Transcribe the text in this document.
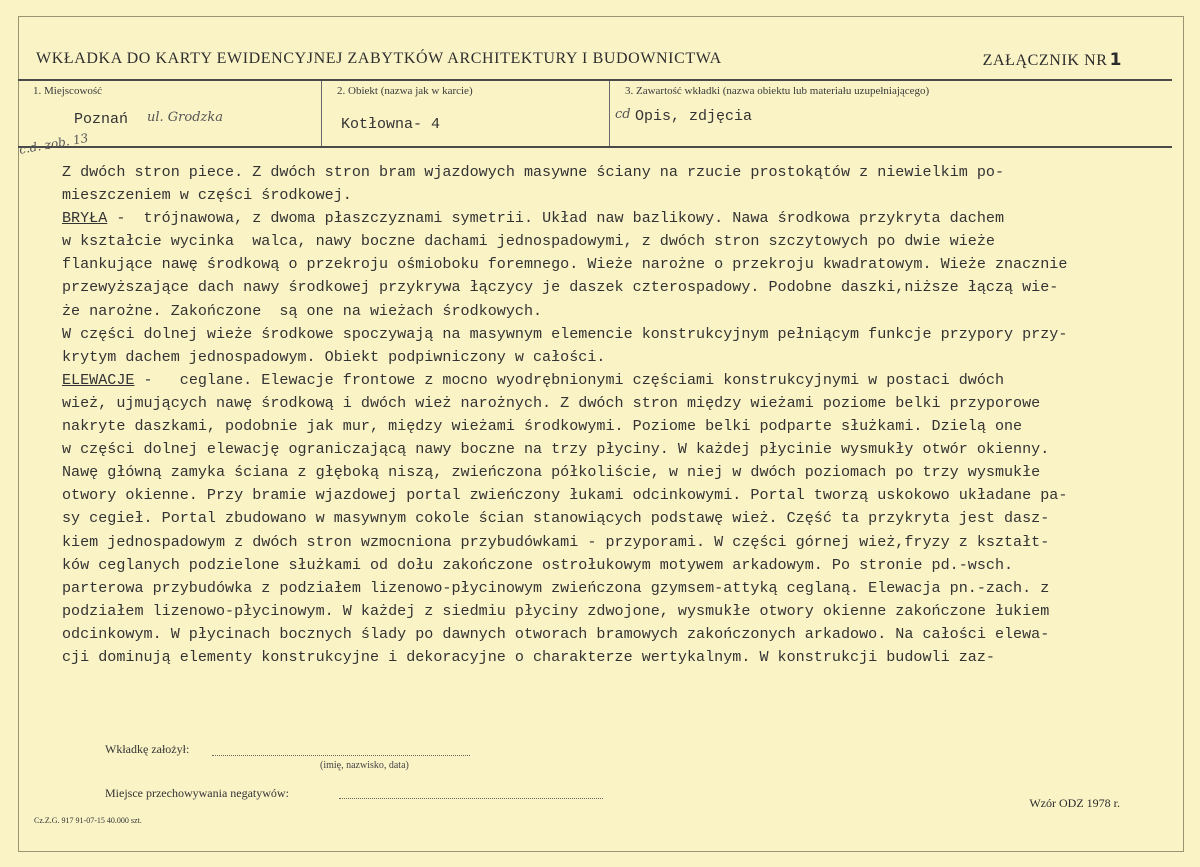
WKŁADKA DO KARTY EWIDENCYJNEJ ZABYTKÓW ARCHITEKTURY I BUDOWNICTWA	ZAŁĄCZNIK NR 1
1. Miejscowość
Poznań ul. Grodzka
2. Obiekt (nazwa jak w karcie)
Kotłowna- 4
3. Zawartość wkładki (nazwa obiektu lub materiału uzupełniającego)
cd Opis, zdjęcia
c.d. zob. 13
Z dwóch stron piece. Z dwóch stron bram wjazdowych masywne ściany na rzucie prostokątów z niewielkim po-
mieszczeniem w części środkowej.
BRYŁA -  trójnawowa, z dwoma płaszczyznami symetrii. Układ naw bazlikowy. Nawa środkowa przykryta dachem
w kształcie wycinka  walca, nawy boczne dachami jednospadowymi, z dwóch stron szczytowych po dwie wieże
flankujące nawę środkową o przekroju ośmioboku foremnego. Wieże narożne o przekroju kwadratowym. Wieże znacznie
przewyższające dach nawy środkowej przykrywa łączycy je daszek czterospadowy. Podobne daszki,niższe łączą wie-
że narożne. Zakończone  są one na wieżach środkowych.
W części dolnej wieże środkowe spoczywają na masywnym elemencie konstrukcyjnym pełniącym funkcje przypory przy-
krytym dachem jednospadowym. Obiekt podpiwniczony w całości.
ELEWACJE -   ceglane. Elewacje frontowe z mocno wyodrębnionymi częściami konstrukcyjnymi w postaci dwóch
wież, ujmujących nawę środkową i dwóch wież narożnych. Z dwóch stron między wieżami poziome belki przyporowe
nakryte daszkami, podobnie jak mur, między wieżami środkowymi. Poziome belki podparte służkami. Dzielą one
w części dolnej elewację ograniczającą nawy boczne na trzy płyciny. W każdej płycinie wysmukły otwór okienny.
Nawę główną zamyka ściana z głęboką niszą, zwieńczona półkoliście, w niej w dwóch poziomach po trzy wysmukłe
otwory okienne. Przy bramie wjazdowej portal zwieńczony łukami odcinkowymi. Portal tworzą uskokowo układane pa-
sy cegieł. Portal zbudowano w masywnym cokole ścian stanowiących podstawę wież. Część ta przykryta jest dasz-
kiem jednospadowym z dwóch stron wzmocniona przybudówkami - przyporami. W części górnej wież,fryzy z kształt-
ków ceglanych podzielone służkami od dołu zakończone ostrołukowym motywem arkadowym. Po stronie pd.-wsch.
parterowa przybudówka z podziałem lizenowo-płycinowym zwieńczona gzymsem-attyką ceglaną. Elewacja pn.-zach. z
podziałem lizenowo-płycinowym. W każdej z siedmiu płyciny zdwojone, wysmukłe otwory okienne zakończone łukiem
odcinkowym. W płycinach bocznych ślady po dawnych otworach bramowych zakończonych arkadowo. Na całości elewa-
cji dominują elementy konstrukcyjne i dekoracyjne o charakterze wertykalnym. W konstrukcji budowli zaz-
Wkładkę założył:
(imię, nazwisko, data)
Miejsce przechowywania negatywów:
Wzór ODZ 1978 r.
Cz.Z.G. 917 91-07-15 40.000 szt.
